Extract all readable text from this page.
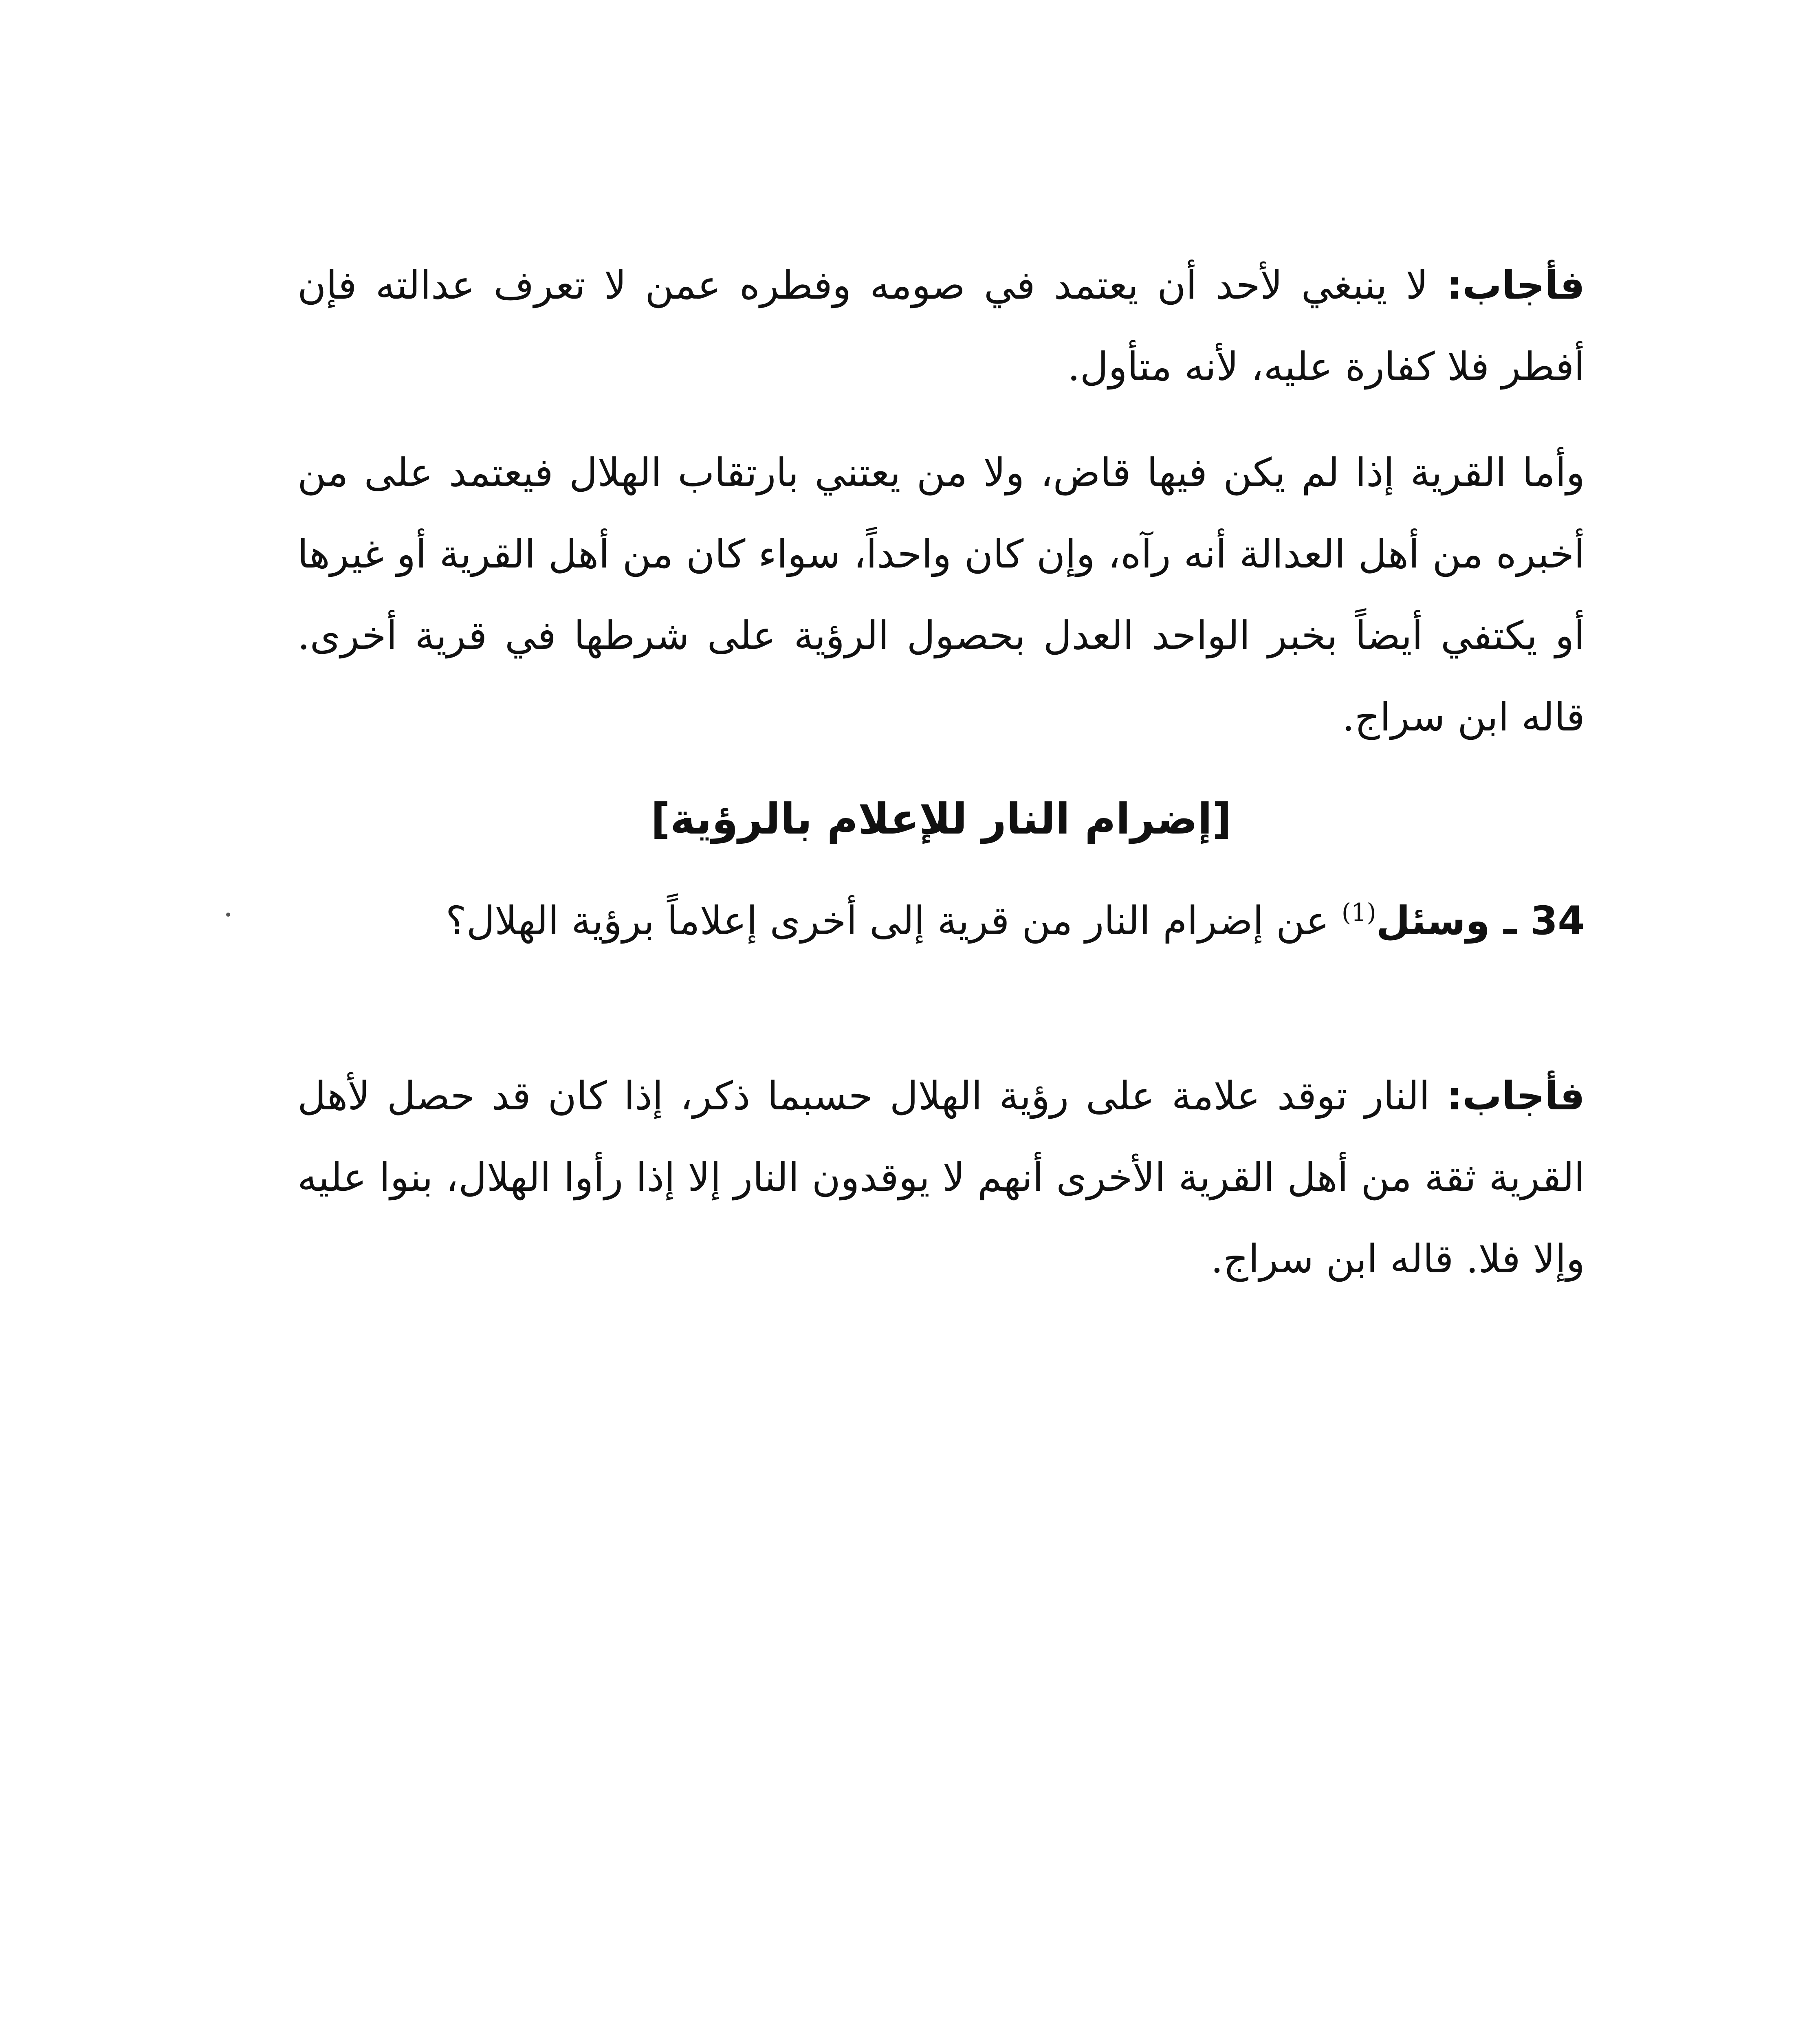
فأجاب: لا ينبغي لأحد أن يعتمد في صومه وفطره عمن لا تعرف عدالته فإن أفطر فلا كفارة عليه، لأنه متأول.

وأما القرية إذا لم يكن فيها قاض، ولا من يعتني بارتقاب الهلال فيعتمد على من أخبره من أهل العدالة أنه رآه، وإن كان واحداً، سواء كان من أهل القرية أو غيرها أو يكتفي أيضاً بخبر الواحد العدل بحصول الرؤية على شرطها في قرية أخرى. قاله ابن سراج.

[إضرام النار للإعلام بالرؤية]

34 ـ وسئل$^{(1)}$ عن إضرام النار من قرية إلى أخرى إعلاماً برؤية الهلال؟

فأجاب: النار توقد علامة على رؤية الهلال حسبما ذكر، إذا كان قد حصل لأهل القرية ثقة من أهل القرية الأخرى أنهم لا يوقدون النار إلا إذا رأوا الهلال، بنوا عليه وإلا فلا. قاله ابن سراج.
